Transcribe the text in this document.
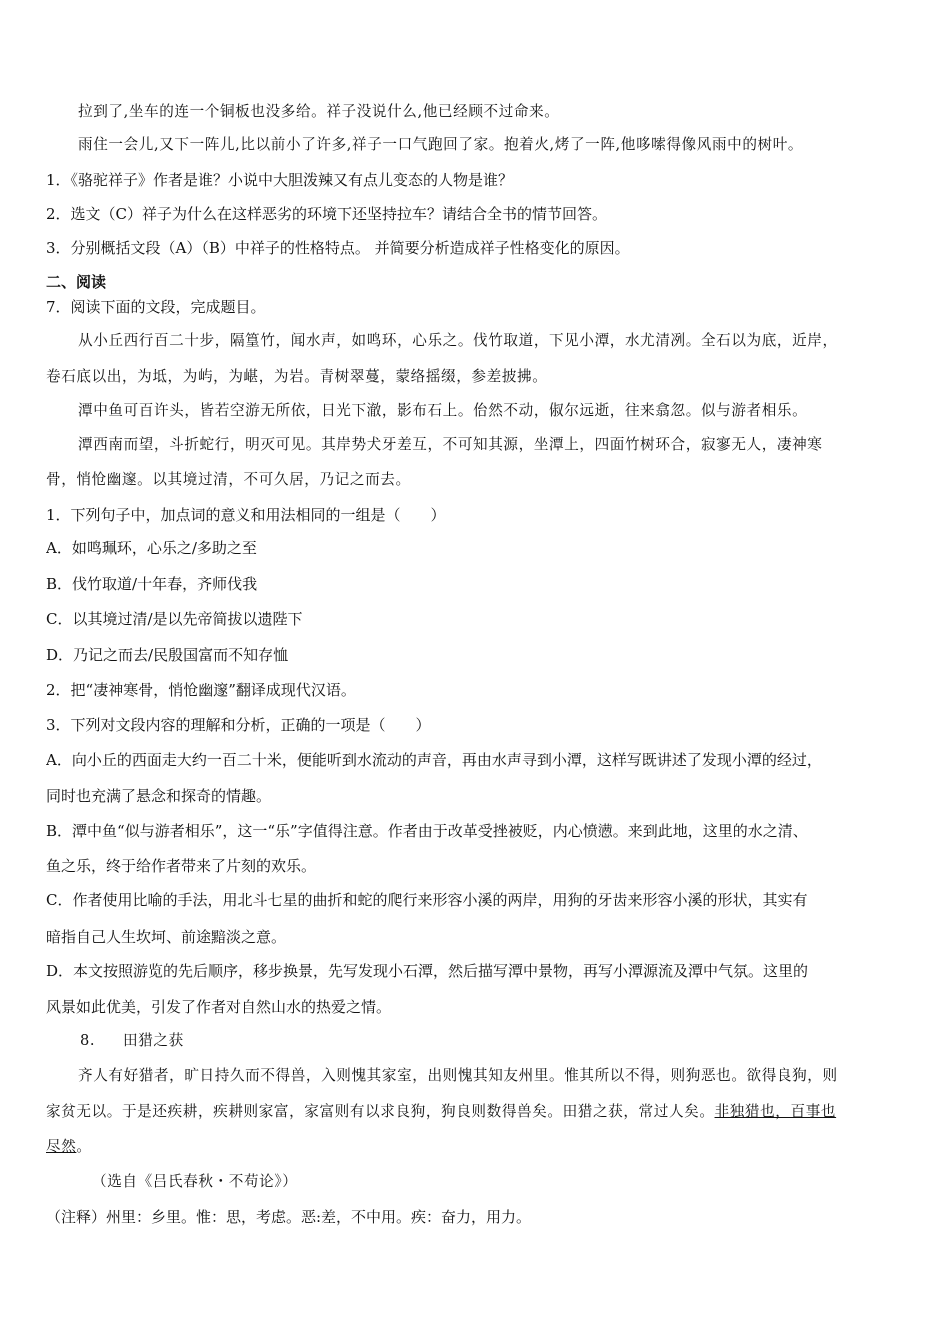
拉到了,坐车的连一个铜板也没多给。祥子没说什么,他已经顾不过命来。
雨住一会儿,又下一阵儿,比以前小了许多,祥子一口气跑回了家。抱着火,烤了一阵,他哆嗦得像风雨中的树叶。
1．《骆驼祥子》作者是谁？小说中大胆泼辣又有点儿变态的人物是谁？
2．选文（C）祥子为什么在这样恶劣的环境下还坚持拉车？请结合全书的情节回答。
3．分别概括文段（A）（B）中祥子的性格特点。 并简要分析造成祥子性格变化的原因。
二、阅读
7．阅读下面的文段，完成题目。
从小丘西行百二十步，隔篁竹，闻水声，如鸣环，心乐之。伐竹取道，下见小潭，水尤清冽。全石以为底，近岸，
卷石底以出，为坻，为屿，为嵁，为岩。青树翠蔓，蒙络摇缀，参差披拂。
潭中鱼可百许头，皆若空游无所依，日光下澈，影布石上。佁然不动，俶尔远逝，往来翕忽。似与游者相乐。
潭西南而望，斗折蛇行，明灭可见。其岸势犬牙差互，不可知其源，坐潭上，四面竹树环合，寂寥无人，凄神寒
骨，悄怆幽邃。以其境过清，不可久居，乃记之而去。
1．下列句子中，加点词的意义和用法相同的一组是（　　）
A．如鸣珮环，心乐之/多助之至
B．伐竹取道/十年春，齐师伐我
C．以其境过清/是以先帝简拔以遗陛下
D．乃记之而去/民殷国富而不知存恤
2．把“凄神寒骨，悄怆幽邃”翻译成现代汉语。
3．下列对文段内容的理解和分析，正确的一项是（　　）
A．向小丘的西面走大约一百二十米，便能听到水流动的声音，再由水声寻到小潭，这样写既讲述了发现小潭的经过，
同时也充满了悬念和探奇的情趣。
B．潭中鱼“似与游者相乐”，这一“乐”字值得注意。作者由于改革受挫被贬，内心愤懑。来到此地，这里的水之清、
鱼之乐，终于给作者带来了片刻的欢乐。
C．作者使用比喻的手法，用北斗七星的曲折和蛇的爬行来形容小溪的两岸，用狗的牙齿来形容小溪的形状，其实有
暗指自己人生坎坷、前途黯淡之意。
D．本文按照游览的先后顺序，移步换景，先写发现小石潭，然后描写潭中景物，再写小潭源流及潭中气氛。这里的
风景如此优美，引发了作者对自然山水的热爱之情。
8.	田猎之获
齐人有好猎者，旷日持久而不得兽，入则愧其家室，出则愧其知友州里。惟其所以不得，则狗恶也。欲得良狗，则
家贫无以。于是还疾耕，疾耕则家富，家富则有以求良狗，狗良则数得兽矣。田猎之获，常过人矣。非独猎也，百事也
尽然。
（选自《吕氏春秋・不苟论》）
（注释）州里：乡里。惟：思，考虑。恶:差，不中用。疾：奋力，用力。
